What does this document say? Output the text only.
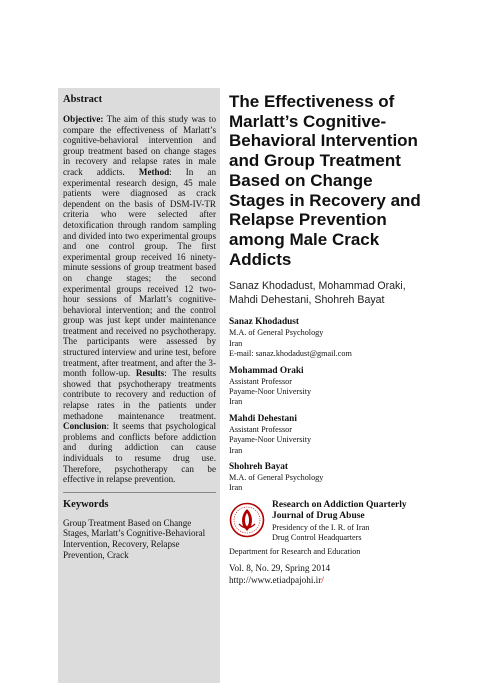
Abstract

Objective: The aim of this study was to compare the effectiveness of Marlatt’s cognitive-behavioral intervention and group treatment based on change stages in recovery and relapse rates in male crack addicts. Method: In an experimental research design, 45 male patients were diagnosed as crack dependent on the basis of DSM-IV-TR criteria who were selected after detoxification through random sampling and divided into two experimental groups and one control group. The first experimental group received 16 ninety-minute sessions of group treatment based on change stages; the second experimental groups received 12 two-hour sessions of Marlatt’s cognitive-behavioral intervention; and the control group was just kept under maintenance treatment and received no psychotherapy. The participants were assessed by structured interview and urine test, before treatment, after treatment, and after the 3-month follow-up. Results: The results showed that psychotherapy treatments contribute to recovery and reduction of relapse rates in the patients under methadone maintenance treatment. Conclusion: It seems that psychological problems and conflicts before addiction and during addiction can cause individuals to resume drug use. Therefore, psychotherapy can be effective in relapse prevention.

Keywords

Group Treatment Based on Change Stages, Marlatt’s Cognitive-Behavioral Intervention, Recovery, Relapse Prevention, Crack

The Effectiveness of Marlatt’s Cognitive-Behavioral Intervention and Group Treatment Based on Change Stages in Recovery and Relapse Prevention among Male Crack Addicts

Sanaz Khodadust, Mohammad Oraki, Mahdi Dehestani, Shohreh Bayat

Sanaz Khodadust
M.A. of General Psychology
Iran
E-mail: sanaz.khodadust@gmail.com
Mohammad Oraki
Assistant Professor
Payame-Noor University
Iran
Mahdi Dehestani
Assistant Professor
Payame-Noor University
Iran
Shohreh Bayat
M.A. of General Psychology
Iran
Research on Addiction Quarterly
Journal of Drug Abuse
Presidency of the I. R. of Iran
Drug Control Headquarters
Department for Research and Education
Vol. 8, No. 29, Spring 2014
http://www.etiadpajohi.ir/
